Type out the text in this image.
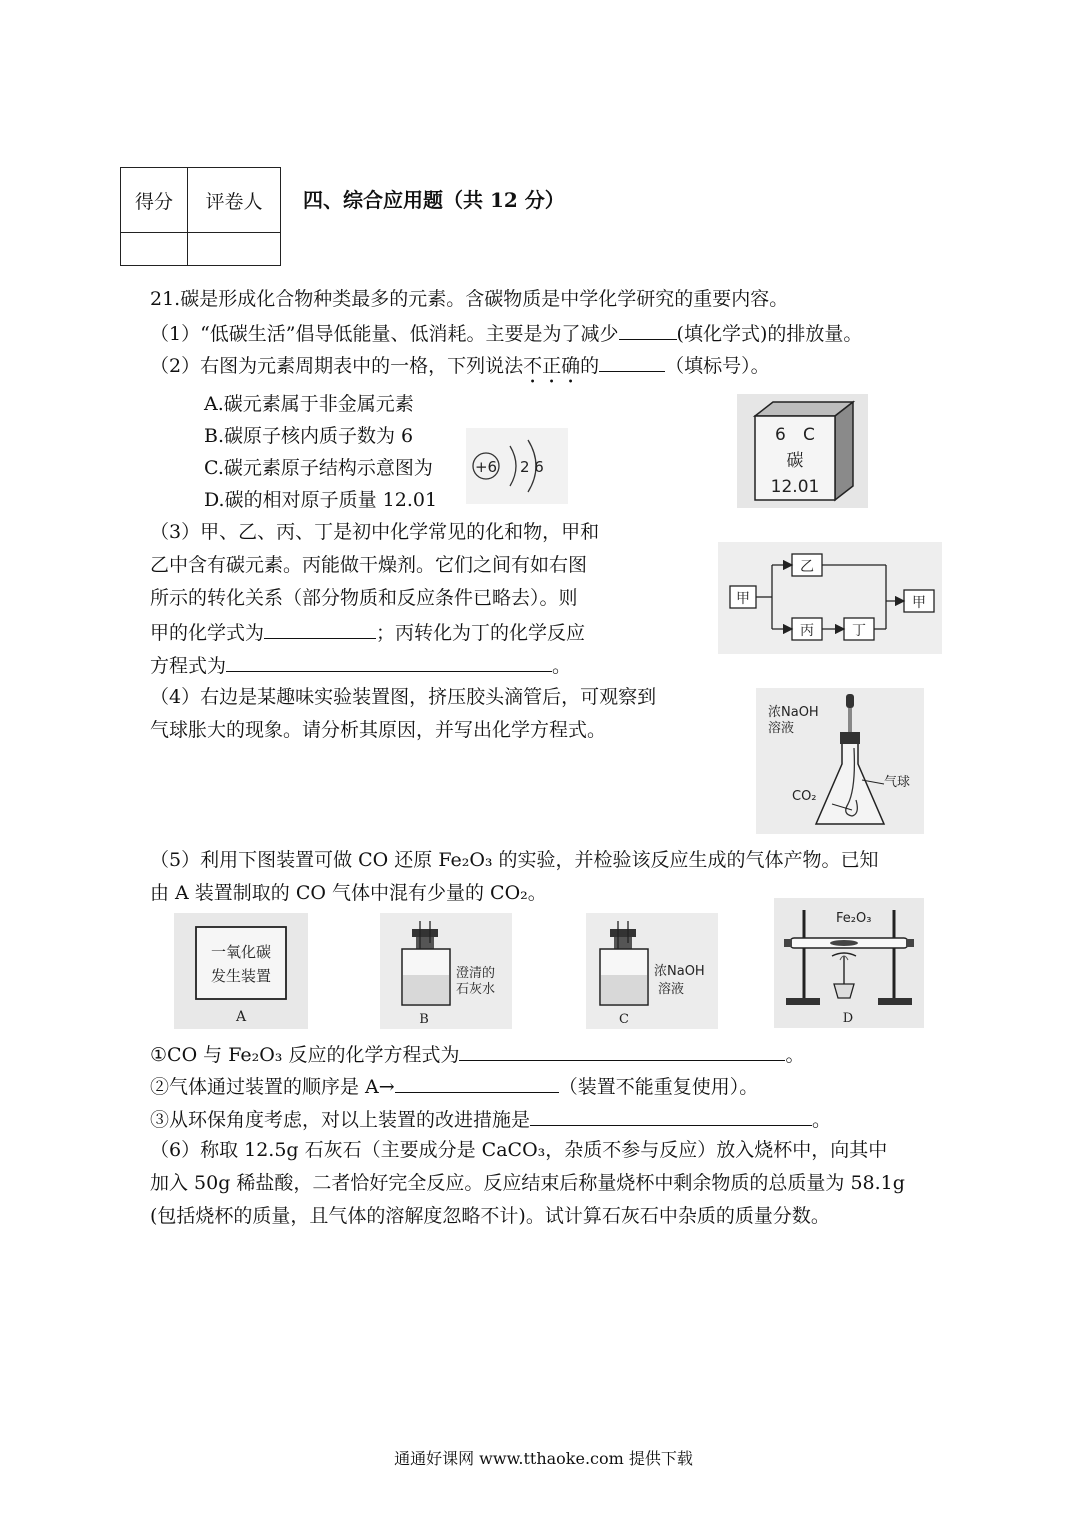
得分	评卷人
	四、综合应用题（共 12 分）
21.碳是形成化合物种类最多的元素。含碳物质是中学化学研究的重要内容。
（1）“低碳生活”倡导低能量、低消耗。主要是为了减少	(填化学式)的排放量。
（2）右图为元素周期表中的一格，下列说法不正确的	（填标号）。
A.碳元素属于非金属元素
B.碳原子核内质子数为 6
C.碳元素原子结构示意图为
D.碳的相对原子质量 12.01
+6 2 6
6 C
碳
12.01
（3）甲、乙、丙、丁是初中化学常见的化和物，甲和
乙中含有碳元素。丙能做干燥剂。它们之间有如右图
所示的转化关系（部分物质和反应条件已略去）。则
甲的化学式为	；丙转化为丁的化学反应
方程式为	。
甲
乙
丙	丁
甲
（4）右边是某趣味实验装置图，挤压胶头滴管后，可观察到
气球胀大的现象。请分析其原因，并写出化学方程式。
浓NaOH
溶液
气球
CO₂
（5）利用下图装置可做 CO 还原 Fe₂O₃ 的实验，并检验该反应生成的气体产物。已知
由 A 装置制取的 CO 气体中混有少量的 CO₂。
一氧化碳
发生装置
A
澄清的
石灰水
B
浓NaOH
溶液
C
Fe₂O₃
D
①CO 与 Fe₂O₃ 反应的化学方程式为	。
②气体通过装置的顺序是 A→	（装置不能重复使用）。
③从环保角度考虑，对以上装置的改进措施是	。
（6）称取 12.5g 石灰石（主要成分是 CaCO₃，杂质不参与反应）放入烧杯中，向其中
加入 50g 稀盐酸，二者恰好完全反应。反应结束后称量烧杯中剩余物质的总质量为 58.1g
(包括烧杯的质量，且气体的溶解度忽略不计)。试计算石灰石中杂质的质量分数。
通通好课网 www.tthaoke.com 提供下载
